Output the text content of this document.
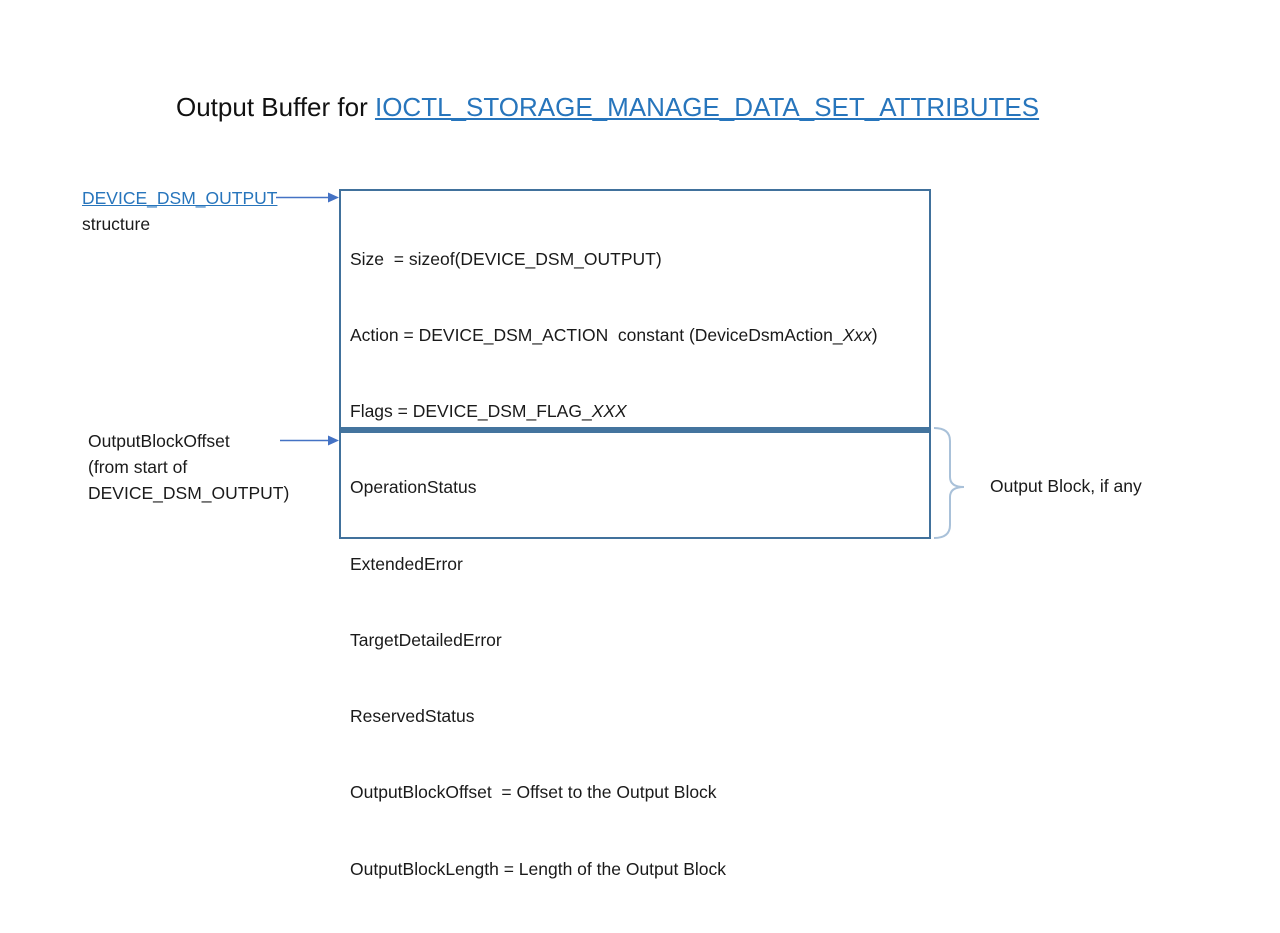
Output Buffer for IOCTL_STORAGE_MANAGE_DATA_SET_ATTRIBUTES
DEVICE_DSM_OUTPUT
structure

Size  = sizeof(DEVICE_DSM_OUTPUT)

Action = DEVICE_DSM_ACTION  constant (DeviceDsmAction_Xxx)

Flags = DEVICE_DSM_FLAG_XXX

OperationStatus

ExtendedError

TargetDetailedError

ReservedStatus

OutputBlockOffset  = Offset to the Output Block

OutputBlockLength = Length of the Output Block

OutputBlockOffset
(from start of
DEVICE_DSM_OUTPUT)	Output Block, if any
